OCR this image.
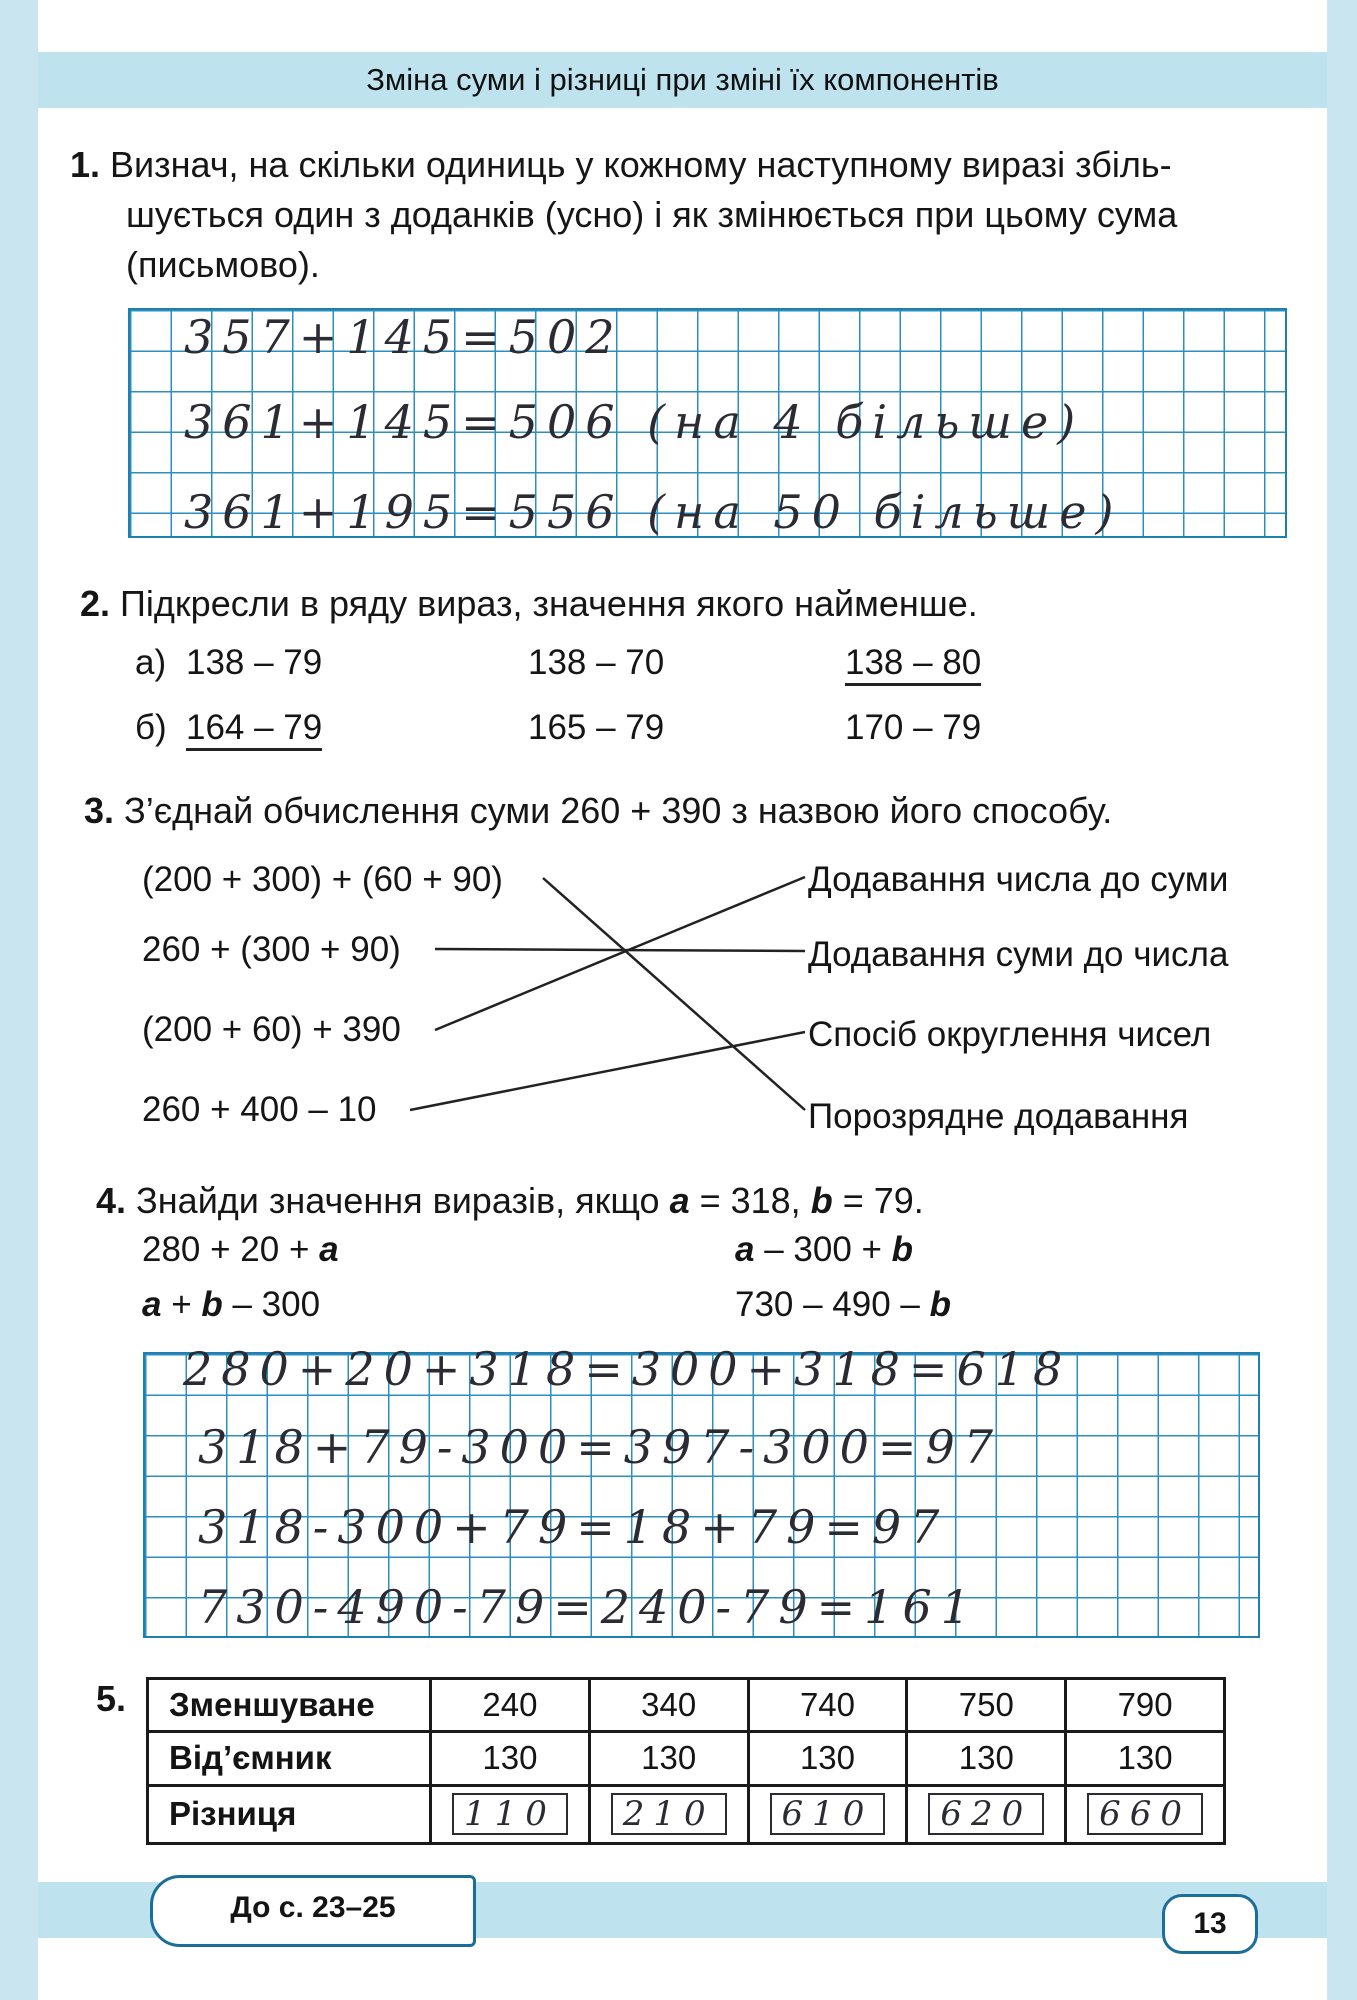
Зміна суми і різниці при зміні їх компонентів
1. Визнач, на скільки одиниць у кожному наступному виразі збіль-
шується один з доданків (усно) і як змінюється при цьому сума
(письмово).
357+145=502
361+145=506 (на 4 більше)
361+195=556 (на 50 більше)
2. Підкресли в ряду вираз, значення якого найменше.
а) 138 – 79	138 – 70	138 – 80
б) 164 – 79	165 – 79	170 – 79
3. З’єднай обчислення суми 260 + 390 з назвою його способу.
(200 + 300) + (60 + 90)
260 + (300 + 90)
(200 + 60) + 390
260 + 400 – 10
Додавання числа до суми
Додавання суми до числа
Спосіб округлення чисел
Порозрядне додавання
4. Знайди значення виразів, якщо a = 318, b = 79.
280 + 20 + a	a – 300 + b
a + b – 300	730 – 490 – b
280+20+318=300+318=618
318+79-300=397-300=97
318-300+79=18+79=97
730-490-79=240-79=161
5. Зменшуване	240	340	740	750	790
Від’ємник	130	130	130	130	130
Різниця	110	210	610	620	660
До с. 23–25	13
